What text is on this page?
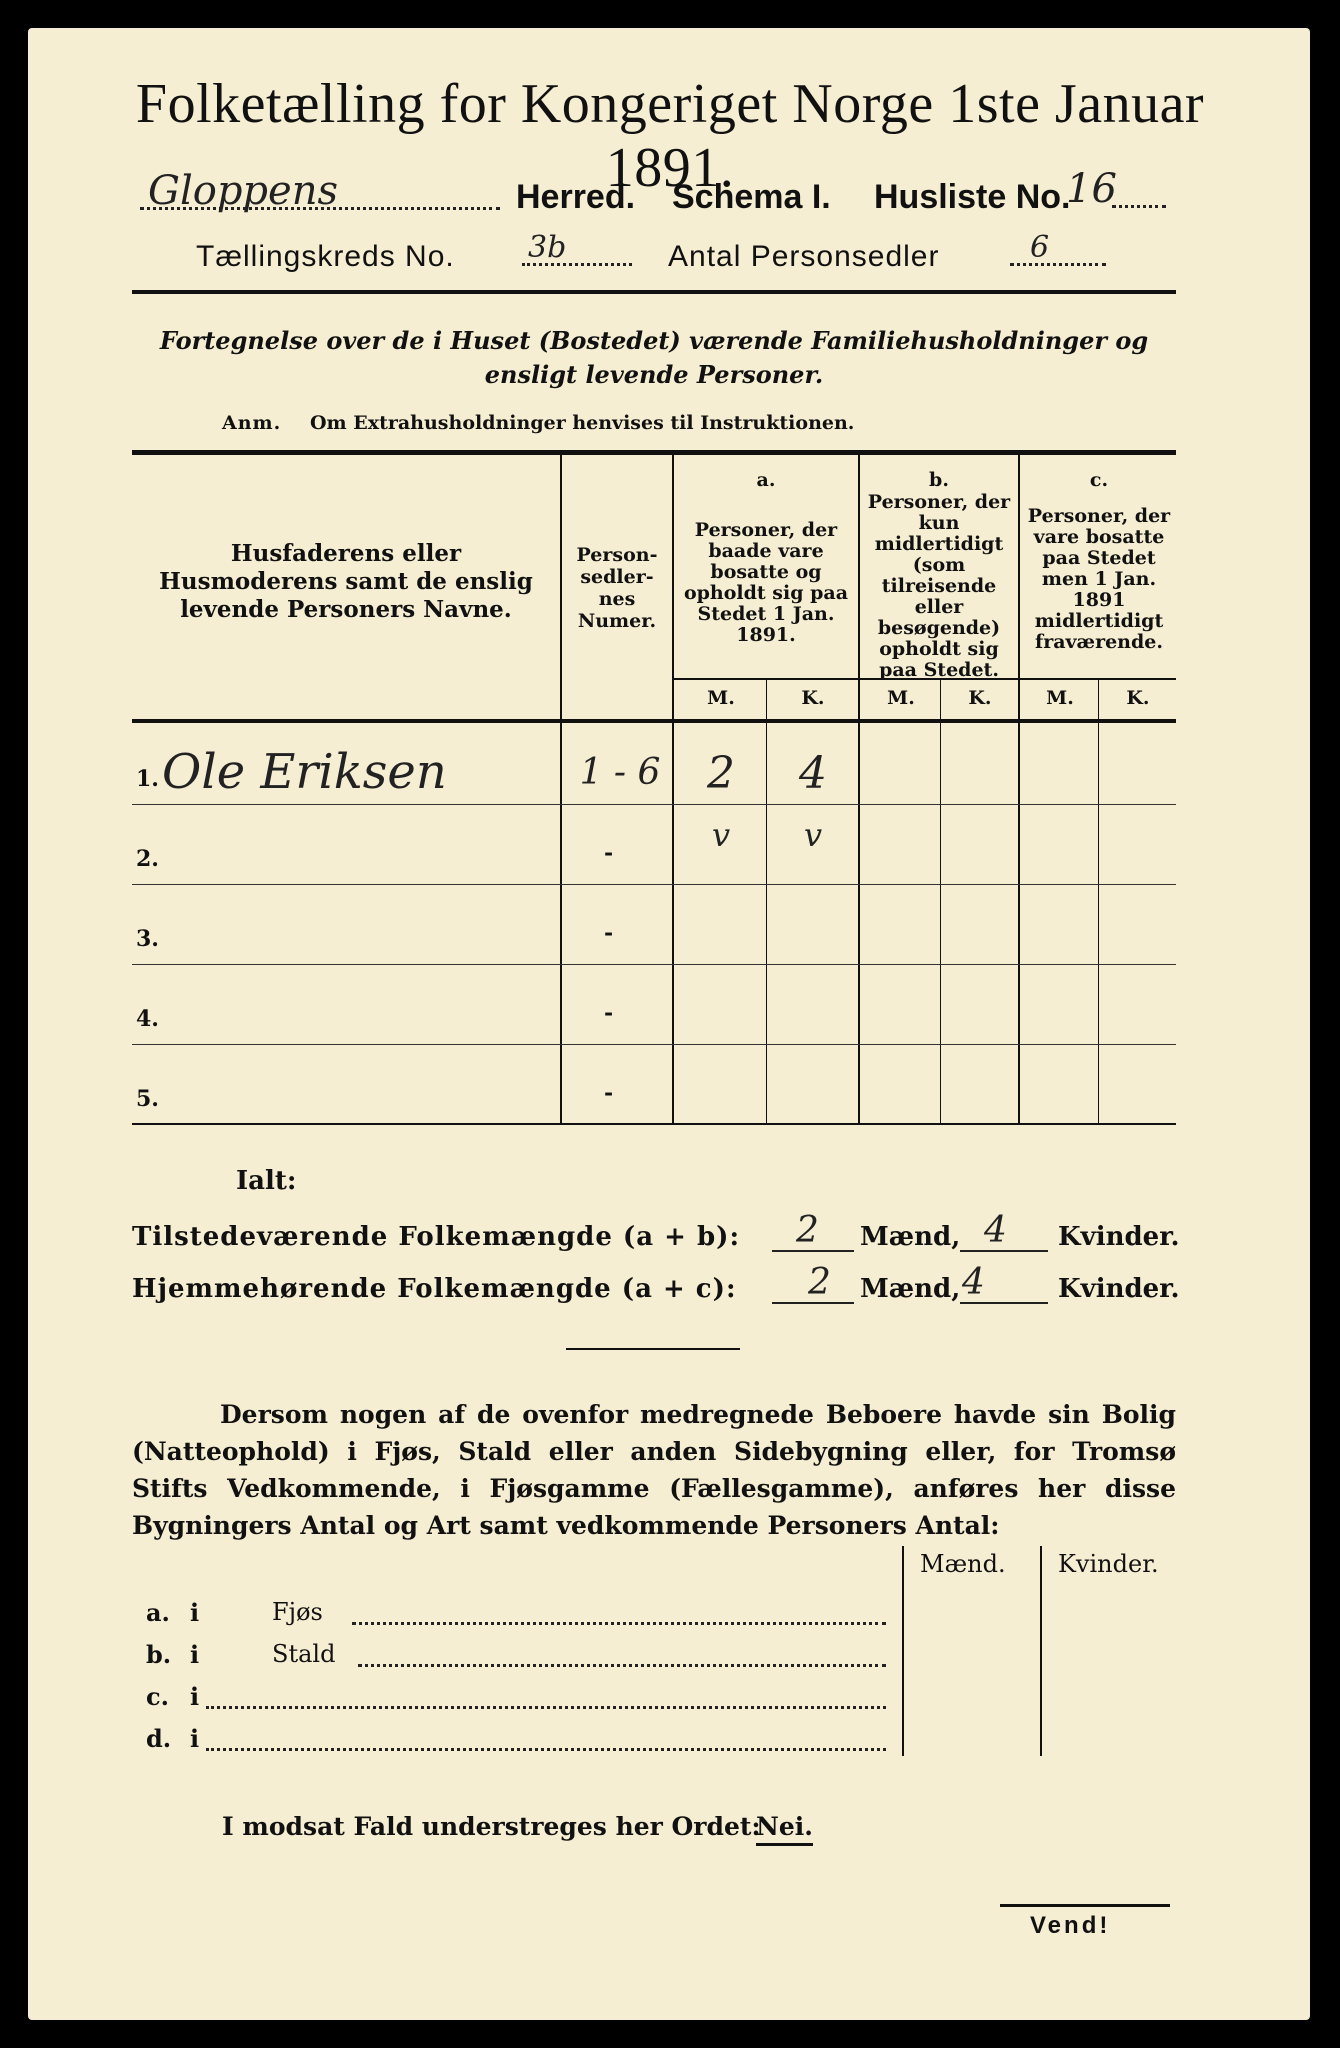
Folketælling for Kongeriget Norge 1ste Januar 1891.
Gloppens	Herred. Schema I. Husliste No.
16
Tællingskreds No. 3b	Antal Personsedler	6
Fortegnelse over de i Huset (Bostedet) værende Familiehusholdninger og ensligt levende Personer.
Anm. Om Extrahusholdninger henvises til Instruktionen.
Husfaderens eller Husmoderens samt de enslig levende Personers Navne.
Person-sedler-nes Numer.
a.
Personer, der baade vare bosatte og opholdt sig paa Stedet 1 Jan. 1891.
b.
Personer, der kun midlertidigt (som tilreisende eller besøgende) opholdt sig paa Stedet.
c.
Personer, der vare bosatte paa Stedet men 1 Jan. 1891 midlertidigt fraværende.
M.	K.	M.	K.	M.	K.
1. Ole Eriksen	1 - 6	2	4
2.	-	v	v
3.	-
4.	-
5.	-
Ialt:
Tilstedeværende Folkemængde (a + b): 2 Mænd, 4 Kvinder.
Hjemmehørende Folkemængde (a + c): 2 Mænd, 4	Kvinder.
Dersom nogen af de ovenfor medregnede Beboere havde sin Bolig (Natteophold) i Fjøs, Stald eller anden Sidebygning eller, for Tromsø Stifts Vedkommende, i Fjøsgamme (Fællesgamme), anføres her disse Bygningers Antal og Art samt vedkommende Personers Antal:
Mænd. Kvinder.
a. i	Fjøs
b. i	Stald
c. i
d. i
I modsat Fald understreges her Ordet:
Nei.
Vend!
